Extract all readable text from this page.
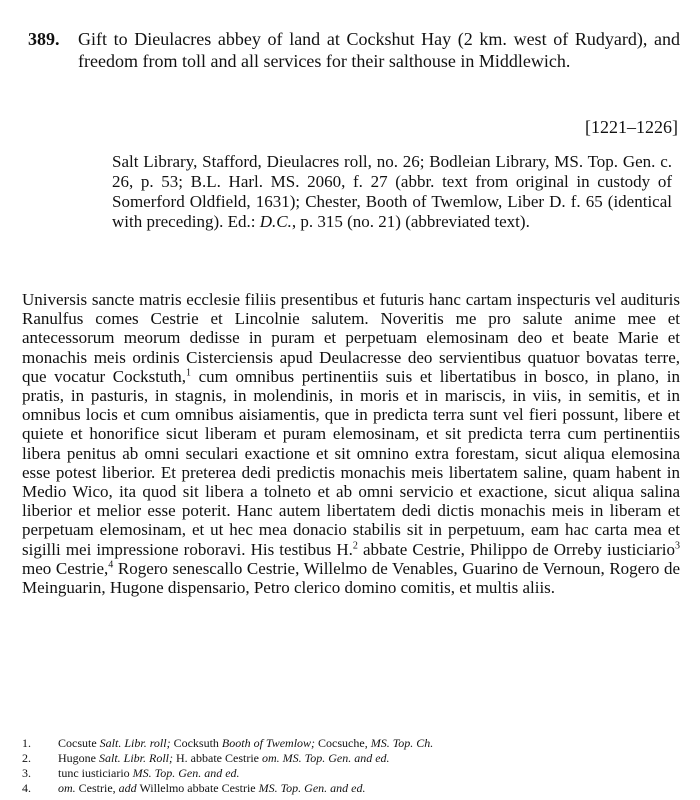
389. Gift to Dieulacres abbey of land at Cockshut Hay (2 km. west of Rudyard), and freedom from toll and all services for their salthouse in Middlewich.
[1221–1226]
Salt Library, Stafford, Dieulacres roll, no. 26; Bodleian Library, MS. Top. Gen. c. 26, p. 53; B.L. Harl. MS. 2060, f. 27 (abbr. text from original in custody of Somerford Oldfield, 1631); Chester, Booth of Twemlow, Liber D. f. 65 (identical with preceding). Ed.: D.C., p. 315 (no. 21) (abbreviated text).
Universis sancte matris ecclesie filiis presentibus et futuris hanc cartam inspecturis vel audituris Ranulfus comes Cestrie et Lincolnie salutem. Noveritis me pro salute anime mee et antecessorum meorum dedisse in puram et perpetuam elemosinam deo et beate Marie et monachis meis ordinis Cisterciensis apud Deulacresse deo servientibus quatuor bovatas terre, que vocatur Cockstuth,$^1$ cum omnibus pertinentiis suis et libertatibus in bosco, in plano, in pratis, in pasturis, in stagnis, in molendinis, in moris et in mariscis, in viis, in semitis, et in omnibus locis et cum omnibus aisiamentis, que in predicta terra sunt vel fieri possunt, libere et quiete et honorifice sicut liberam et puram elemosinam, et sit predicta terra cum pertinentiis libera penitus ab omni seculari exactione et sit omnino extra forestam, sicut aliqua elemosina esse potest liberior. Et preterea dedi predictis monachis meis libertatem saline, quam habent in Medio Wico, ita quod sit libera a tolneto et ab omni servicio et exactione, sicut aliqua salina liberior et melior esse poterit. Hanc autem libertatem dedi dictis monachis meis in liberam et perpetuam elemosinam, et ut hec mea donacio stabilis sit in perpetuum, eam hac carta mea et sigilli mei impressione roboravi. His testibus H.$^2$ abbate Cestrie, Philippo de Orreby iusticiario$^3$ meo Cestrie,$^4$ Rogero senescallo Cestrie, Willelmo de Venables, Guarino de Vernoun, Rogero de Meinguarin, Hugone dispensario, Petro clerico domino comitis, et multis aliis.
1. Cocsute Salt. Libr. roll; Cocksuth Booth of Twemlow; Cocsuche, MS. Top. Ch.
2. Hugone Salt. Libr. Roll; H. abbate Cestrie om. MS. Top. Gen. and ed.
3. tunc iusticiario MS. Top. Gen. and ed.
4. om. Cestrie, add Willelmo abbate Cestrie MS. Top. Gen. and ed.
